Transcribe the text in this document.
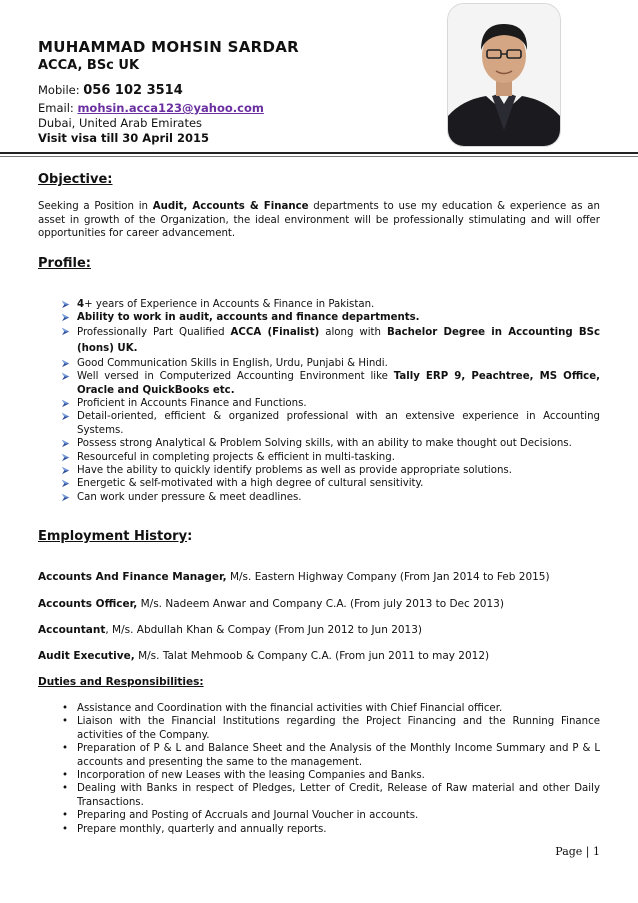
MUHAMMAD MOHSIN SARDAR
ACCA, BSc UK
Mobile: 056 102 3514
Email: mohsin.acca123@yahoo.com
Dubai, United Arab Emirates
Visit visa till 30 April 2015
Objective:
Seeking a Position in Audit, Accounts & Finance departments to use my education & experience as an asset in growth of the Organization, the ideal environment will be professionally stimulating and will offer opportunities for career advancement.
Profile:
4+ years of Experience in Accounts & Finance in Pakistan.
Ability to work in audit, accounts and finance departments.
Professionally Part Qualified ACCA (Finalist) along with Bachelor Degree in Accounting BSc (hons) UK.
Good Communication Skills in English, Urdu, Punjabi & Hindi.
Well versed in Computerized Accounting Environment like Tally ERP 9, Peachtree, MS Office, Oracle and QuickBooks etc.
Proficient in Accounts Finance and Functions.
Detail-oriented, efficient & organized professional with an extensive experience in Accounting Systems.
Possess strong Analytical & Problem Solving skills, with an ability to make thought out Decisions.
Resourceful in completing projects & efficient in multi-tasking.
Have the ability to quickly identify problems as well as provide appropriate solutions.
Energetic & self-motivated with a high degree of cultural sensitivity.
Can work under pressure & meet deadlines.
Employment History:
Accounts And Finance Manager, M/s. Eastern Highway Company (From Jan 2014 to Feb 2015)
Accounts Officer, M/s. Nadeem Anwar and Company C.A. (From july 2013 to Dec 2013)
Accountant, M/s. Abdullah Khan & Compay (From Jun 2012 to Jun 2013)
Audit Executive, M/s. Talat Mehmoob & Company C.A. (From jun 2011 to may 2012)
Duties and Responsibilities:
• Assistance and Coordination with the financial activities with Chief Financial officer.
• Liaison with the Financial Institutions regarding the Project Financing and the Running Finance activities of the Company.
• Preparation of P & L and Balance Sheet and the Analysis of the Monthly Income Summary and P & L accounts and presenting the same to the management.
• Incorporation of new Leases with the leasing Companies and Banks.
• Dealing with Banks in respect of Pledges, Letter of Credit, Release of Raw material and other Daily Transactions.
• Preparing and Posting of Accruals and Journal Voucher in accounts.
• Prepare monthly, quarterly and annually reports.
Page | 1
